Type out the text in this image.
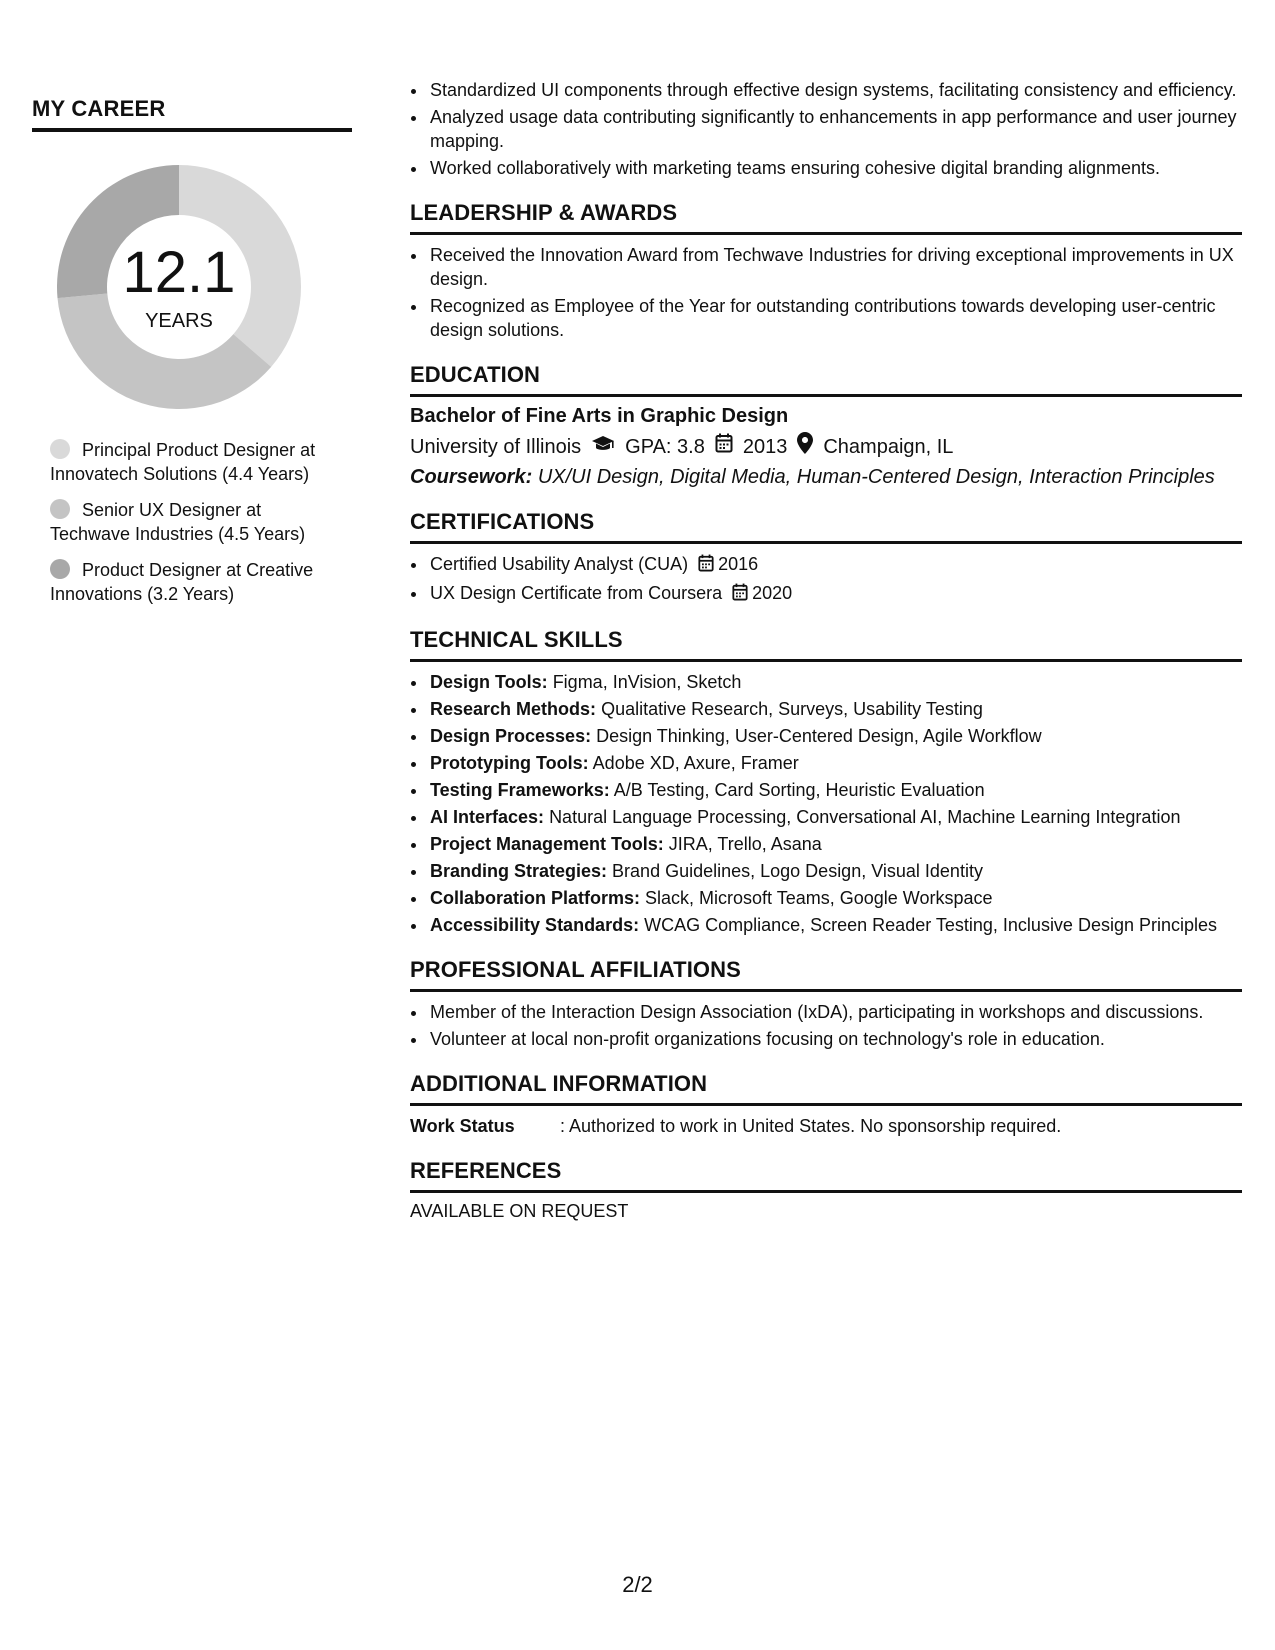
MY CAREER
12.1
YEARS
Principal Product Designer at Innovatech Solutions (4.4 Years)
Senior UX Designer at Techwave Industries (4.5 Years)
Product Designer at Creative Innovations (3.2 Years)
• Standardized UI components through effective design systems, facilitating consistency and efficiency.
• Analyzed usage data contributing significantly to enhancements in app performance and user journey mapping.
• Worked collaboratively with marketing teams ensuring cohesive digital branding alignments.
LEADERSHIP & AWARDS
• Received the Innovation Award from Techwave Industries for driving exceptional improvements in UX design.
• Recognized as Employee of the Year for outstanding contributions towards developing user-centric design solutions.
EDUCATION
Bachelor of Fine Arts in Graphic Design
University of Illinois GPA: 3.8 2013 Champaign, IL
Coursework: UX/UI Design, Digital Media, Human-Centered Design, Interaction Principles
CERTIFICATIONS
• Certified Usability Analyst (CUA) 2016
• UX Design Certificate from Coursera 2020
TECHNICAL SKILLS
• Design Tools: Figma, InVision, Sketch
• Research Methods: Qualitative Research, Surveys, Usability Testing
• Design Processes: Design Thinking, User-Centered Design, Agile Workflow
• Prototyping Tools: Adobe XD, Axure, Framer
• Testing Frameworks: A/B Testing, Card Sorting, Heuristic Evaluation
• AI Interfaces: Natural Language Processing, Conversational AI, Machine Learning Integration
• Project Management Tools: JIRA, Trello, Asana
• Branding Strategies: Brand Guidelines, Logo Design, Visual Identity
• Collaboration Platforms: Slack, Microsoft Teams, Google Workspace
• Accessibility Standards: WCAG Compliance, Screen Reader Testing, Inclusive Design Principles
PROFESSIONAL AFFILIATIONS
• Member of the Interaction Design Association (IxDA), participating in workshops and discussions.
• Volunteer at local non-profit organizations focusing on technology's role in education.
ADDITIONAL INFORMATION
Work Status	: Authorized to work in United States. No sponsorship required.
REFERENCES
AVAILABLE ON REQUEST
2/2
